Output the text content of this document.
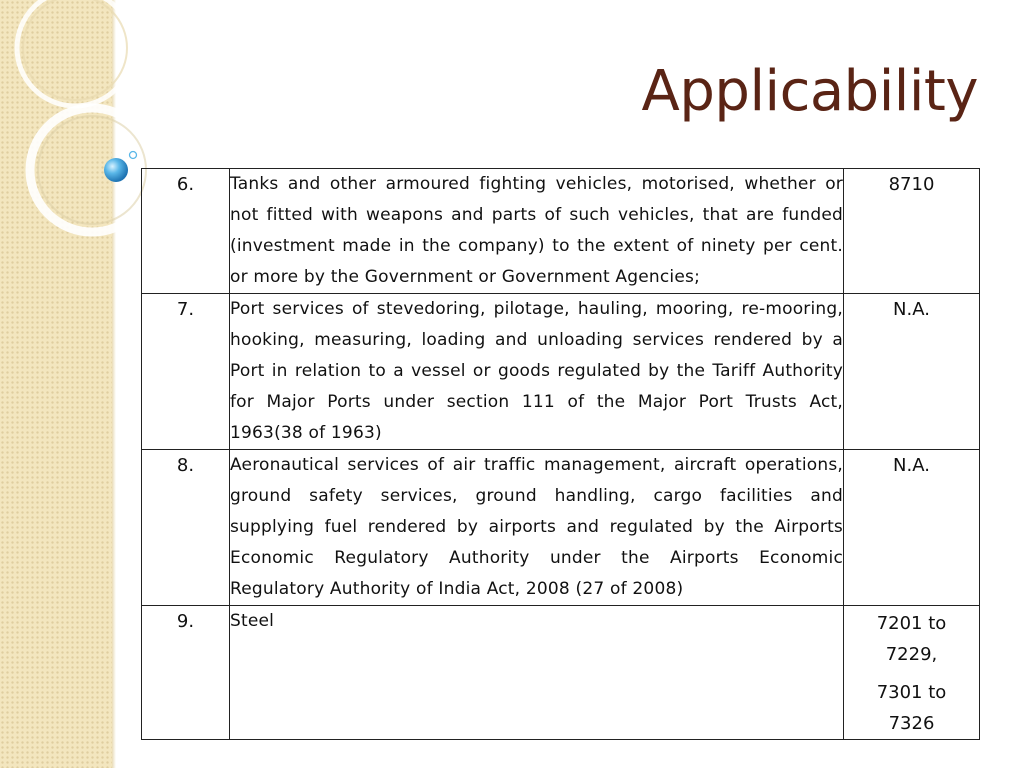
Applicability
6.	Tanks and other armoured fighting vehicles, motorised, whether or not fitted with weapons and parts of such vehicles, that are funded (investment made in the company) to the extent of ninety per cent. or more by the Government or Government Agencies;	8710
7.	Port services of stevedoring, pilotage, hauling, mooring, re-mooring, hooking, measuring, loading and unloading services rendered by a Port in relation to a vessel or goods regulated by the Tariff Authority for Major Ports under section 111 of the Major Port Trusts Act, 1963(38 of 1963)	N.A.
8.	Aeronautical services of air traffic management, aircraft operations, ground safety services, ground handling, cargo facilities and supplying fuel rendered by airports and regulated by the Airports Economic Regulatory Authority under the Airports Economic Regulatory Authority of India Act, 2008 (27 of 2008)	N.A.
9.	Steel	7201 to
7229,
7301 to
7326
